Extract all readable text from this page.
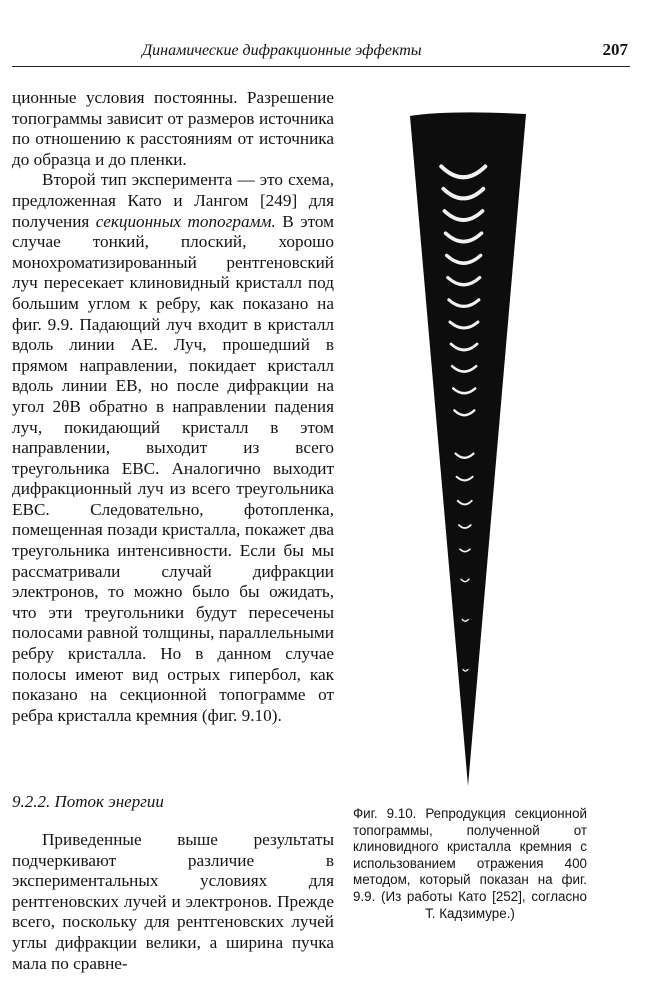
Динамические дифракционные эффекты	207

ционные условия постоянны. Разрешение топограммы зависит от размеров источника по отношению к расстояниям от источника до образца и до пленки.

Второй тип эксперимента — это схема, предложенная Като и Лангом [249] для получения секционных топограмм. В этом случае тонкий, плоский, хорошо монохроматизированный рентгеновский луч пересекает клиновидный кристалл под большим углом к ребру, как показано на фиг. 9.9. Падающий луч входит в кристалл вдоль линии AE. Луч, прошедший в прямом направлении, покидает кристалл вдоль линии EB, но после дифракции на угол 2θB обратно в направлении падения луч, покидающий кристалл в этом направлении, выходит из всего треугольника EBC. Аналогично выходит дифракционный луч из всего треугольника EBC. Следовательно, фотопленка, помещенная позади кристалла, покажет два треугольника интенсивности. Если бы мы рассматривали случай дифракции электронов, то можно было бы ожидать, что эти треугольники будут пересечены полосами равной толщины, параллельными ребру кристалла. Но в данном случае полосы имеют вид острых гипербол, как показано на секционной топограмме от ребра кристалла кремния (фиг. 9.10).

9.2.2. Поток энергии

Приведенные выше результаты подчеркивают различие в экспериментальных условиях для рентгеновских лучей и электронов. Прежде всего, поскольку для рентгеновских лучей углы дифракции велики, а ширина пучка мала по сравне-

Фиг. 9.10. Репродукция секционной топограммы, полученной от клиновидного кристалла кремния с использованием отражения 400 методом, который показан на фиг. 9.9. (Из работы Като [252], согласно Т. Кадзимуре.)
